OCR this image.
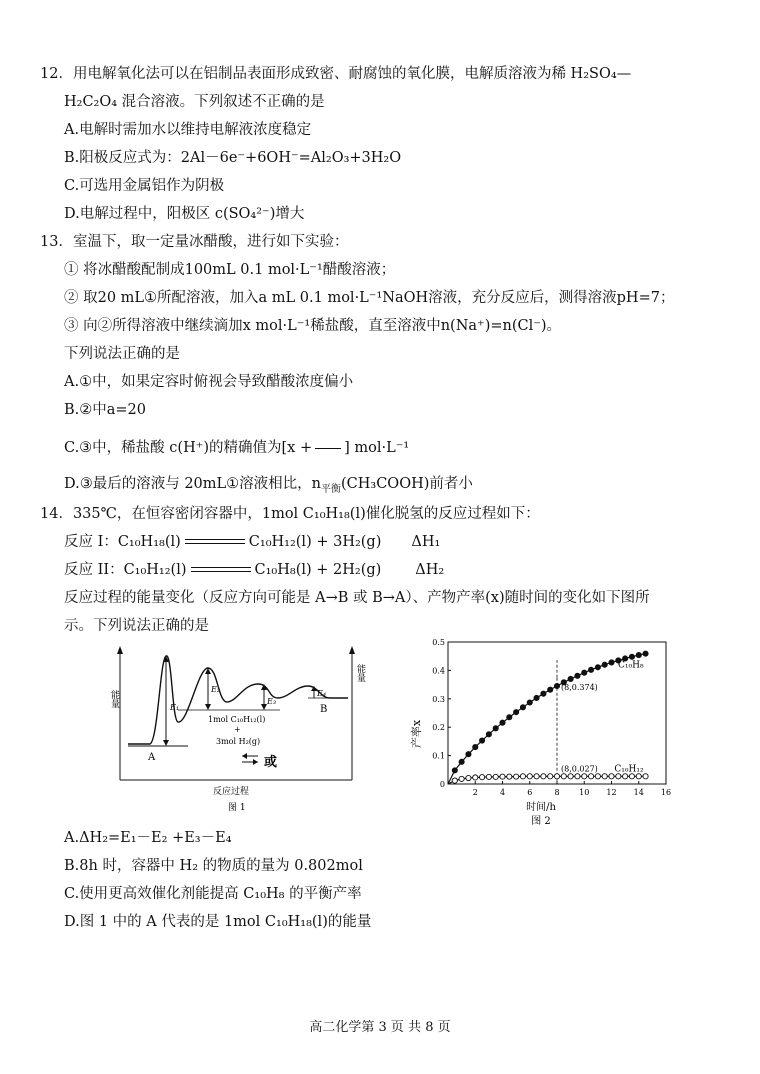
12．用电解氧化法可以在铝制品表面形成致密、耐腐蚀的氧化膜，电解质溶液为稀 H₂SO₄—
H₂C₂O₄ 混合溶液。下列叙述不正确的是
A.电解时需加水以维持电解液浓度稳定
B.阳极反应式为：2Al－6e⁻+6OH⁻=Al₂O₃+3H₂O
C.可选用金属铝作为阴极
D.电解过程中，阳极区 c(SO₄²⁻)增大
13．室温下，取一定量冰醋酸，进行如下实验：
① 将冰醋酸配制成100mL 0.1 mol·L⁻¹醋酸溶液；
② 取20 mL①所配溶液，加入a mL 0.1 mol·L⁻¹NaOH溶液，充分反应后，测得溶液pH=7；
③ 向②所得溶液中继续滴加x mol·L⁻¹稀盐酸，直至溶液中n(Na⁺)=n(Cl⁻)。
下列说法正确的是
A.①中，如果定容时俯视会导致醋酸浓度偏小
B.②中a=20
C.③中，稀盐酸 c(H⁺)的精确值为[x + ] mol·L⁻¹
D.③最后的溶液与 20mL①溶液相比，$n_{平衡}(CH_3COOH)$前者小
14．335℃，在恒容密闭容器中，1mol C₁₀H₁₈(l)催化脱氢的反应过程如下：
反应 I：C₁₀H₁₈(l)	C₁₀H₁₂(l) + 3H₂(g) ΔH₁
反应 II：C₁₀H₁₂(l)	C₁₀H₈(l) + 2H₂(g) ΔH₂
反应过程的能量变化（反应方向可能是 A→B 或 B→A）、产物产率(x)随时间的变化如下图所
示。下列说法正确的是
能量
能量
E₁
E₂
E₃
E₄
A
B
1mol C₁₀H₁₂(l)
+
3mol H₂(g)
或
反应过程
图 1
2	4	6	8 10 12 14 16
0
0.1
0.2
0.3
0.4
0.5
C₁₀H₈
C₁₀H₁₂
(8,0.374)
(8,0.027)
产率x
时间/h
图 2
A.ΔH₂=E₁－E₂ +E₃－E₄
B.8h 时，容器中 H₂ 的物质的量为 0.802mol
C.使用更高效催化剂能提高 C₁₀H₈ 的平衡产率
D.图 1 中的 A 代表的是 1mol C₁₀H₁₈(l)的能量
高二化学第 3 页 共 8 页
